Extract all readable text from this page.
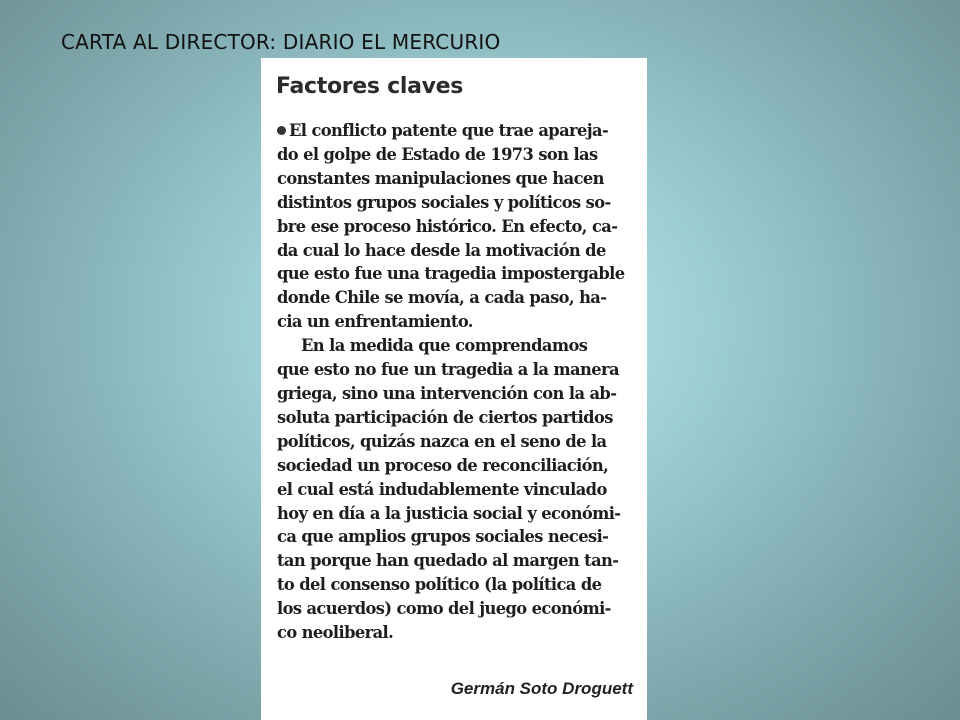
CARTA AL DIRECTOR: DIARIO EL MERCURIO
Factores claves
El conflicto patente que trae apareja-
do el golpe de Estado de 1973 son las
constantes manipulaciones que hacen
distintos grupos sociales y políticos so-
bre ese proceso histórico. En efecto, ca-
da cual lo hace desde la motivación de
que esto fue una tragedia impostergable
donde Chile se movía, a cada paso, ha-
cia un enfrentamiento.
En la medida que comprendamos
que esto no fue un tragedia a la manera
griega, sino una intervención con la ab-
soluta participación de ciertos partidos
políticos, quizás nazca en el seno de la
sociedad un proceso de reconciliación,
el cual está indudablemente vinculado
hoy en día a la justicia social y económi-
ca que amplios grupos sociales necesi-
tan porque han quedado al margen tan-
to del consenso político (la política de
los acuerdos) como del juego económi-
co neoliberal.
Germán Soto Droguett
